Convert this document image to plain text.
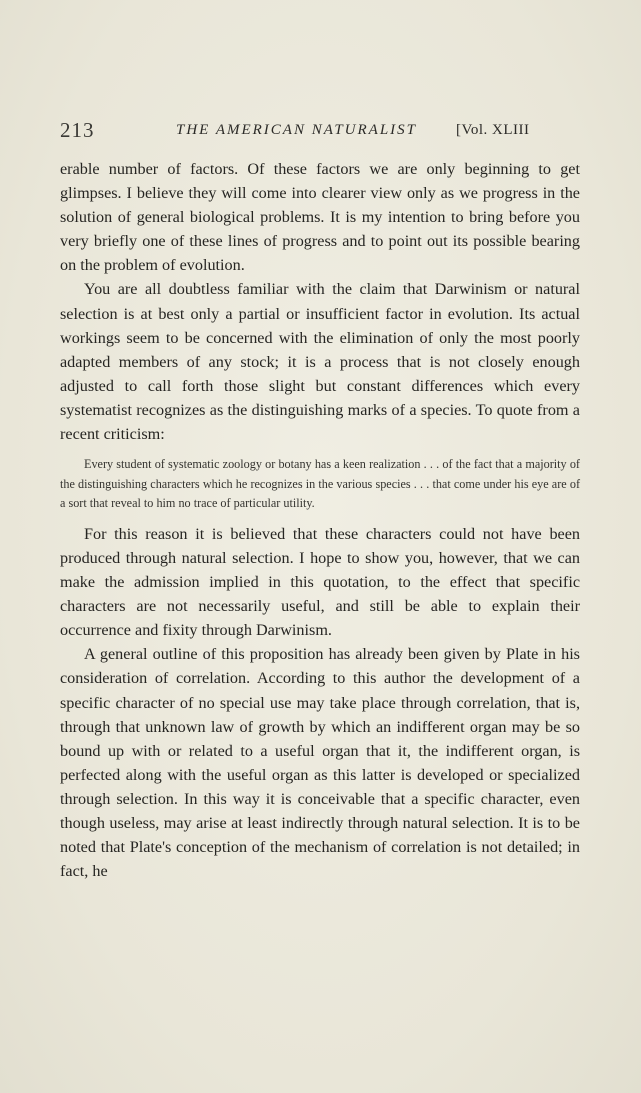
213	THE AMERICAN NATURALIST	[Vol. XLIII

erable number of factors. Of these factors we are only beginning to get glimpses. I believe they will come into clearer view only as we progress in the solution of general biological problems. It is my intention to bring before you very briefly one of these lines of progress and to point out its possible bearing on the problem of evolution.

You are all doubtless familiar with the claim that Darwinism or natural selection is at best only a partial or insufficient factor in evolution. Its actual workings seem to be concerned with the elimination of only the most poorly adapted members of any stock; it is a process that is not closely enough adjusted to call forth those slight but constant differences which every systematist recognizes as the distinguishing marks of a species. To quote from a recent criticism:

Every student of systematic zoology or botany has a keen realization . . . of the fact that a majority of the distinguishing characters which he recognizes in the various species . . . that come under his eye are of a sort that reveal to him no trace of particular utility.

For this reason it is believed that these characters could not have been produced through natural selection. I hope to show you, however, that we can make the admission implied in this quotation, to the effect that specific characters are not necessarily useful, and still be able to explain their occurrence and fixity through Darwinism.

A general outline of this proposition has already been given by Plate in his consideration of correlation. According to this author the development of a specific character of no special use may take place through correlation, that is, through that unknown law of growth by which an indifferent organ may be so bound up with or related to a useful organ that it, the indifferent organ, is perfected along with the useful organ as this latter is developed or specialized through selection. In this way it is conceivable that a specific character, even though useless, may arise at least indirectly through natural selection. It is to be noted that Plate's conception of the mechanism of correlation is not detailed; in fact, he
